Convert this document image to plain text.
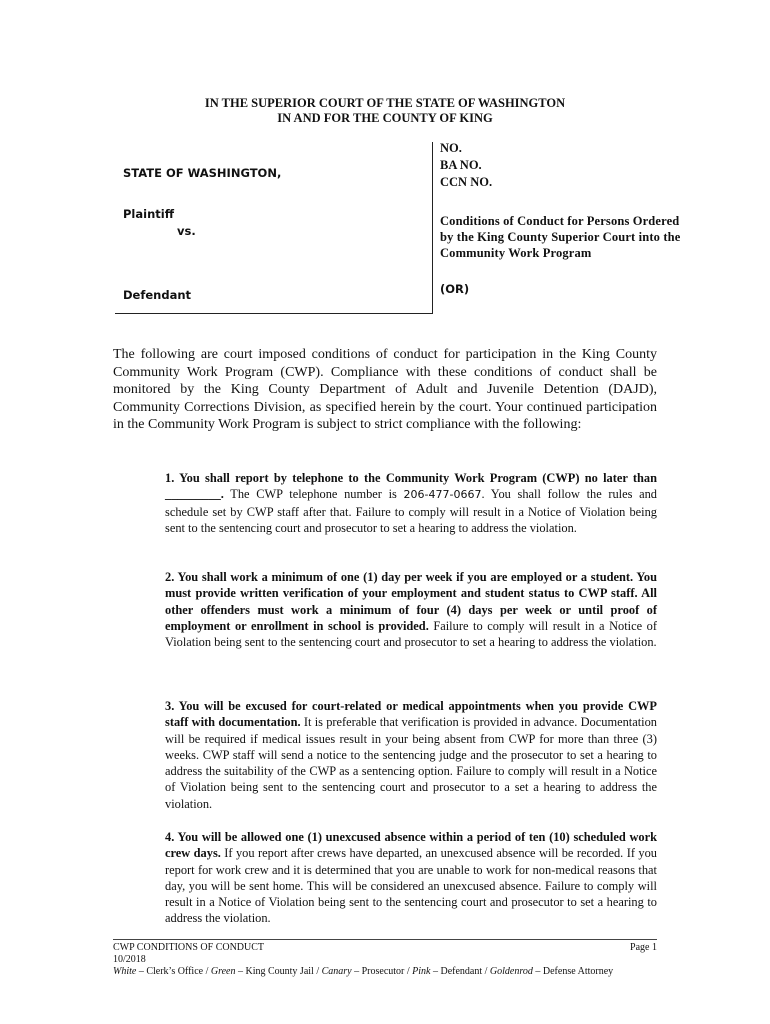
IN THE SUPERIOR COURT OF THE STATE OF WASHINGTON
IN AND FOR THE COUNTY OF KING
STATE OF WASHINGTON,
Plaintiff
vs.
Defendant
NO.
BA NO.
CCN NO.
Conditions of Conduct for Persons Ordered
by the King County Superior Court into the
Community Work Program
(OR)
The following are court imposed conditions of conduct for participation in the King County Community Work Program (CWP). Compliance with these conditions of conduct shall be monitored by the King County Department of Adult and Juvenile Detention (DAJD), Community Corrections Division, as specified herein by the court. Your continued participation in the Community Work Program is subject to strict compliance with the following:
1. You shall report by telephone to the Community Work Program (CWP) no later than _________. The CWP telephone number is 206-477-0667. You shall follow the rules and schedule set by CWP staff after that. Failure to comply will result in a Notice of Violation being sent to the sentencing court and prosecutor to set a hearing to address the violation.
2. You shall work a minimum of one (1) day per week if you are employed or a student. You must provide written verification of your employment and student status to CWP staff. All other offenders must work a minimum of four (4) days per week or until proof of employment or enrollment in school is provided. Failure to comply will result in a Notice of Violation being sent to the sentencing court and prosecutor to set a hearing to address the violation.
3. You will be excused for court-related or medical appointments when you provide CWP staff with documentation. It is preferable that verification is provided in advance. Documentation will be required if medical issues result in your being absent from CWP for more than three (3) weeks. CWP staff will send a notice to the sentencing judge and the prosecutor to set a hearing to address the suitability of the CWP as a sentencing option. Failure to comply will result in a Notice of Violation being sent to the sentencing court and prosecutor to a set a hearing to address the violation.
4. You will be allowed one (1) unexcused absence within a period of ten (10) scheduled work crew days. If you report after crews have departed, an unexcused absence will be recorded. If you report for work crew and it is determined that you are unable to work for non-medical reasons that day, you will be sent home. This will be considered an unexcused absence. Failure to comply will result in a Notice of Violation being sent to the sentencing court and prosecutor to set a hearing to address the violation.
CWP CONDITIONS OF CONDUCT	Page 1
10/2018
White – Clerk’s Office / Green – King County Jail / Canary – Prosecutor / Pink – Defendant / Goldenrod – Defense Attorney
